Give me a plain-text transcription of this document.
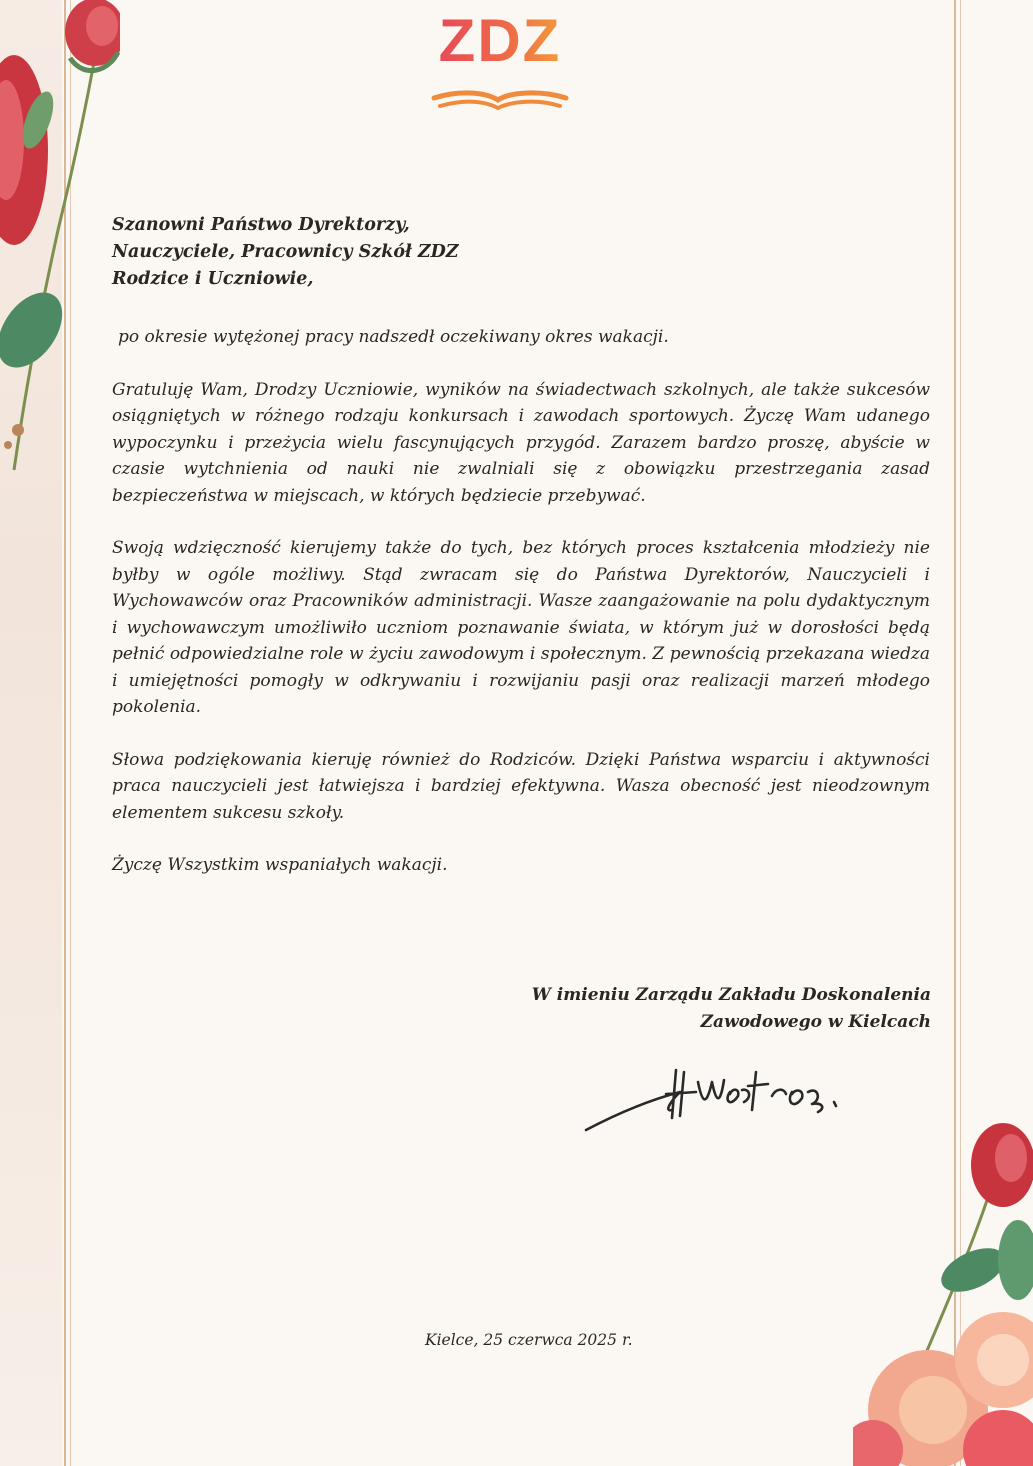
ZDZ

Szanowni Państwo Dyrektorzy,

Nauczyciele, Pracownicy Szkół ZDZ

Rodzice i Uczniowie,

po okresie wytężonej pracy nadszedł oczekiwany okres wakacji.

Gratuluję Wam, Drodzy Uczniowie, wyników na świadectwach szkolnych, ale także sukcesów osiągniętych w różnego rodzaju konkursach i zawodach sportowych. Życzę Wam udanego wypoczynku i przeżycia wielu fascynujących przygód. Zarazem bardzo proszę, abyście w czasie wytchnienia od nauki nie zwalniali się z obowiązku przestrzegania zasad bezpieczeństwa w miejscach, w których będziecie przebywać.

Swoją wdzięczność kierujemy także do tych, bez których proces kształcenia młodzieży nie byłby w ogóle możliwy. Stąd zwracam się do Państwa Dyrektorów, Nauczycieli i Wychowawców oraz Pracowników administracji. Wasze zaangażowanie na polu dydaktycznym i wychowawczym umożliwiło uczniom poznawanie świata, w którym już w dorosłości będą pełnić odpowiedzialne role w życiu zawodowym i społecznym. Z pewnością przekazana wiedza i umiejętności pomogły w odkrywaniu i rozwijaniu pasji oraz realizacji marzeń młodego pokolenia.

Słowa podziękowania kieruję również do Rodziców. Dzięki Państwa wsparciu i aktywności praca nauczycieli jest łatwiejsza i bardziej efektywna. Wasza obecność jest nieodzownym elementem sukcesu szkoły.

Życzę Wszystkim wspaniałych wakacji.

W imieniu Zarządu Zakładu Doskonalenia
Zawodowego w Kielcach
Kielce, 25 czerwca 2025 r.
